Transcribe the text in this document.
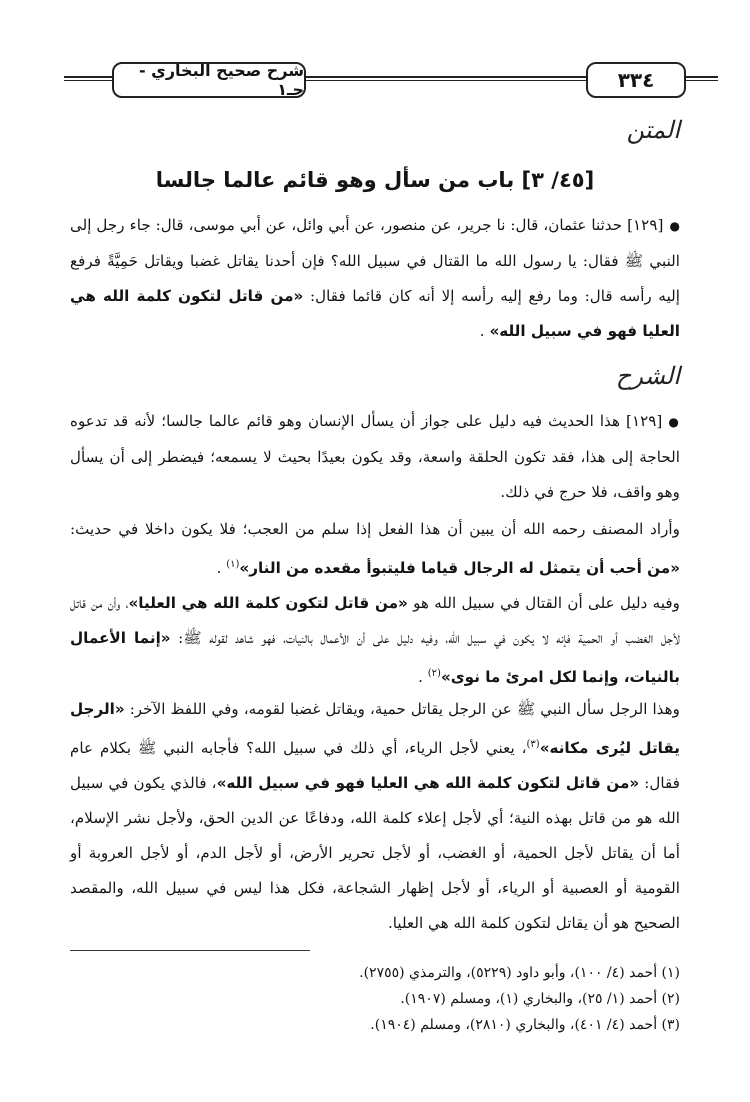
٣٣٤
شرح صحيح البخاري - جـ١
المتن
[٤٥/ ٣] باب من سأل وهو قائم عالما جالسا
● [١٢٩] حدثنا عثمان، قال: نا جرير، عن منصور، عن أبي وائل، عن أبي موسى، قال: جاء رجل إلى النبي ﷺ فقال: يا رسول الله ما القتال في سبيل الله؟ فإن أحدنا يقاتل غضبا ويقاتل حَمِيَّةً فرفع إليه رأسه قال: وما رفع إليه رأسه إلا أنه كان قائما فقال: «من قاتل لتكون كلمة الله هي العليا فهو في سبيل الله» .
الشرح
● [١٢٩] هذا الحديث فيه دليل على جواز أن يسأل الإنسان وهو قائم عالما جالسا؛ لأنه قد تدعوه الحاجة إلى هذا، فقد تكون الحلقة واسعة، وقد يكون بعيدًا بحيث لا يسمعه؛ فيضطر إلى أن يسأل وهو واقف، فلا حرج في ذلك.
وأراد المصنف رحمه الله أن يبين أن هذا الفعل إذا سلم من العجب؛ فلا يكون داخلا في حديث: «من أحب أن يتمثل له الرجال قياما فليتبوأ مقعده من النار»$^{(١)}$ .
وفيه دليل على أن القتال في سبيل الله هو «من قاتل لتكون كلمة الله هي العليا»، وأن من قاتل لأجل الغضب أو الحمية فإنه لا يكون في سبيل الله، وفيه دليل على أن الأعمال بالنيات، فهو شاهد لقوله ﷺ: «إنما الأعمال بالنيات، وإنما لكل امرئ ما نوى»$^{(٢)}$ .
وهذا الرجل سأل النبي ﷺ عن الرجل يقاتل حمية، ويقاتل غضبا لقومه، وفي اللفظ الآخر: «الرجل يقاتل ليُرى مكانه»$^{(٣)}$، يعني لأجل الرياء، أي ذلك في سبيل الله؟ فأجابه النبي ﷺ بكلام عام فقال: «من قاتل لتكون كلمة الله هي العليا فهو في سبيل الله»، فالذي يكون في سبيل الله هو من قاتل بهذه النية؛ أي لأجل إعلاء كلمة الله، ودفاعًا عن الدين الحق، ولأجل نشر الإسلام، أما أن يقاتل لأجل الحمية، أو الغضب، أو لأجل تحرير الأرض، أو لأجل الدم، أو لأجل العروبة أو القومية أو العصبية أو الرياء، أو لأجل إظهار الشجاعة، فكل هذا ليس في سبيل الله، والمقصد الصحيح هو أن يقاتل لتكون كلمة الله هي العليا.
(١) أحمد (٤/ ١٠٠)، وأبو داود (٥٢٢٩)، والترمذي (٢٧٥٥).
(٢) أحمد (١/ ٢٥)، والبخاري (١)، ومسلم (١٩٠٧).
(٣) أحمد (٤/ ٤٠١)، والبخاري (٢٨١٠)، ومسلم (١٩٠٤).
